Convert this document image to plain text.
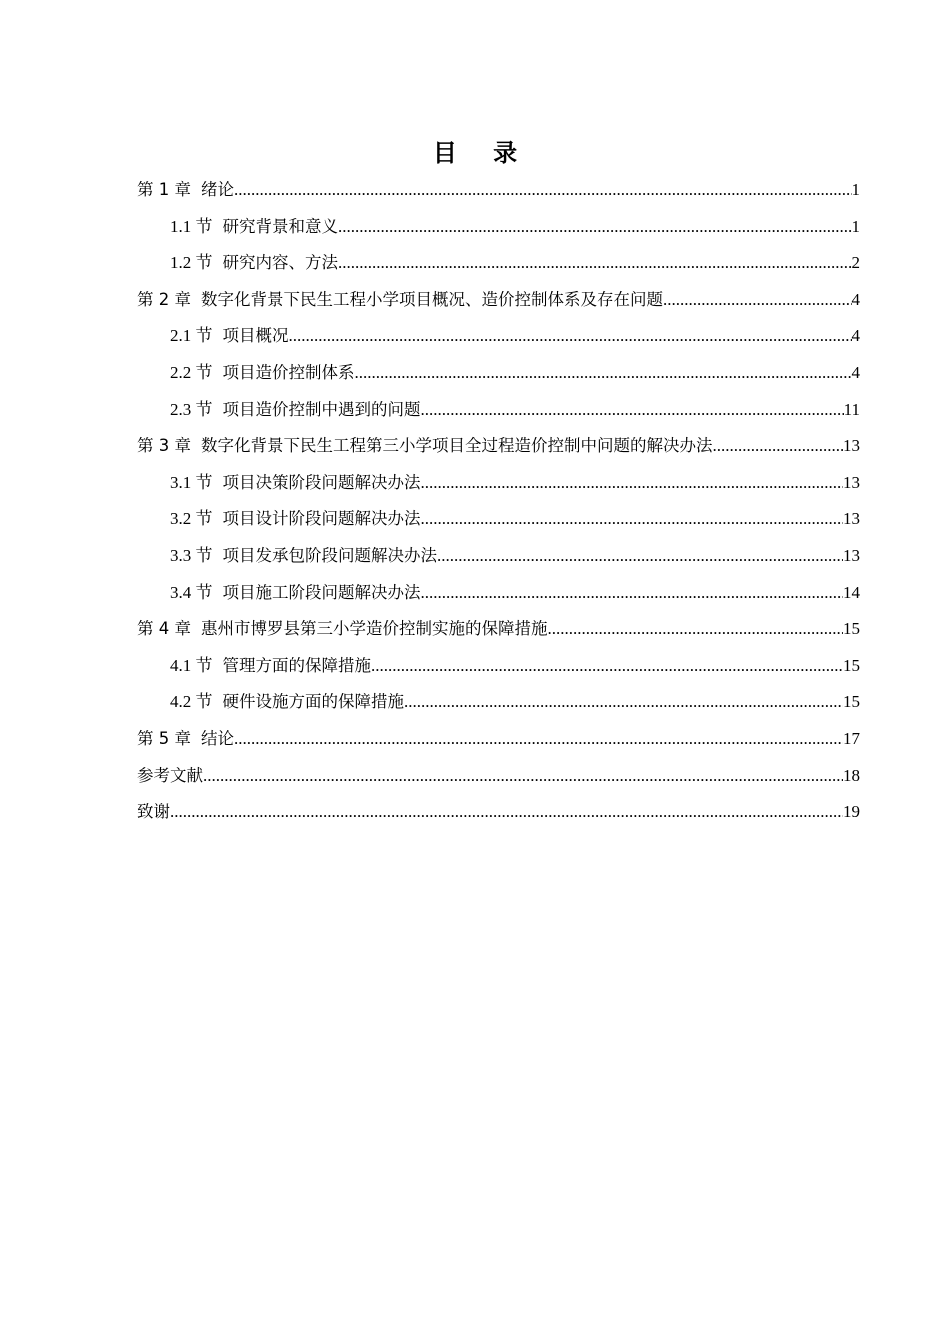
目 录
第 1 章 绪论 .....	1
1.1 节 研究背景和意义 .....	1
1.2 节 研究内容、方法 .....	2
第 2 章 数字化背景下民生工程小学项目概况、造价控制体系及存在问题 .....	4
2.1 节 项目概况 .....	4
2.2 节 项目造价控制体系 .....	4
2.3 节 项目造价控制中遇到的问题 .....	11
第 3 章 数字化背景下民生工程第三小学项目全过程造价控制中问题的解决办法 .....	13
3.1 节 项目决策阶段问题解决办法 .....	13
3.2 节 项目设计阶段问题解决办法 .....	13
3.3 节 项目发承包阶段问题解决办法 .....	13
3.4 节 项目施工阶段问题解决办法 .....	14
第 4 章 惠州市博罗县第三小学造价控制实施的保障措施 .....	15
4.1 节 管理方面的保障措施 .....	15
4.2 节 硬件设施方面的保障措施 .....	15
第 5 章 结论 .....	17
参考文献 .....	18
致谢 .....	19
